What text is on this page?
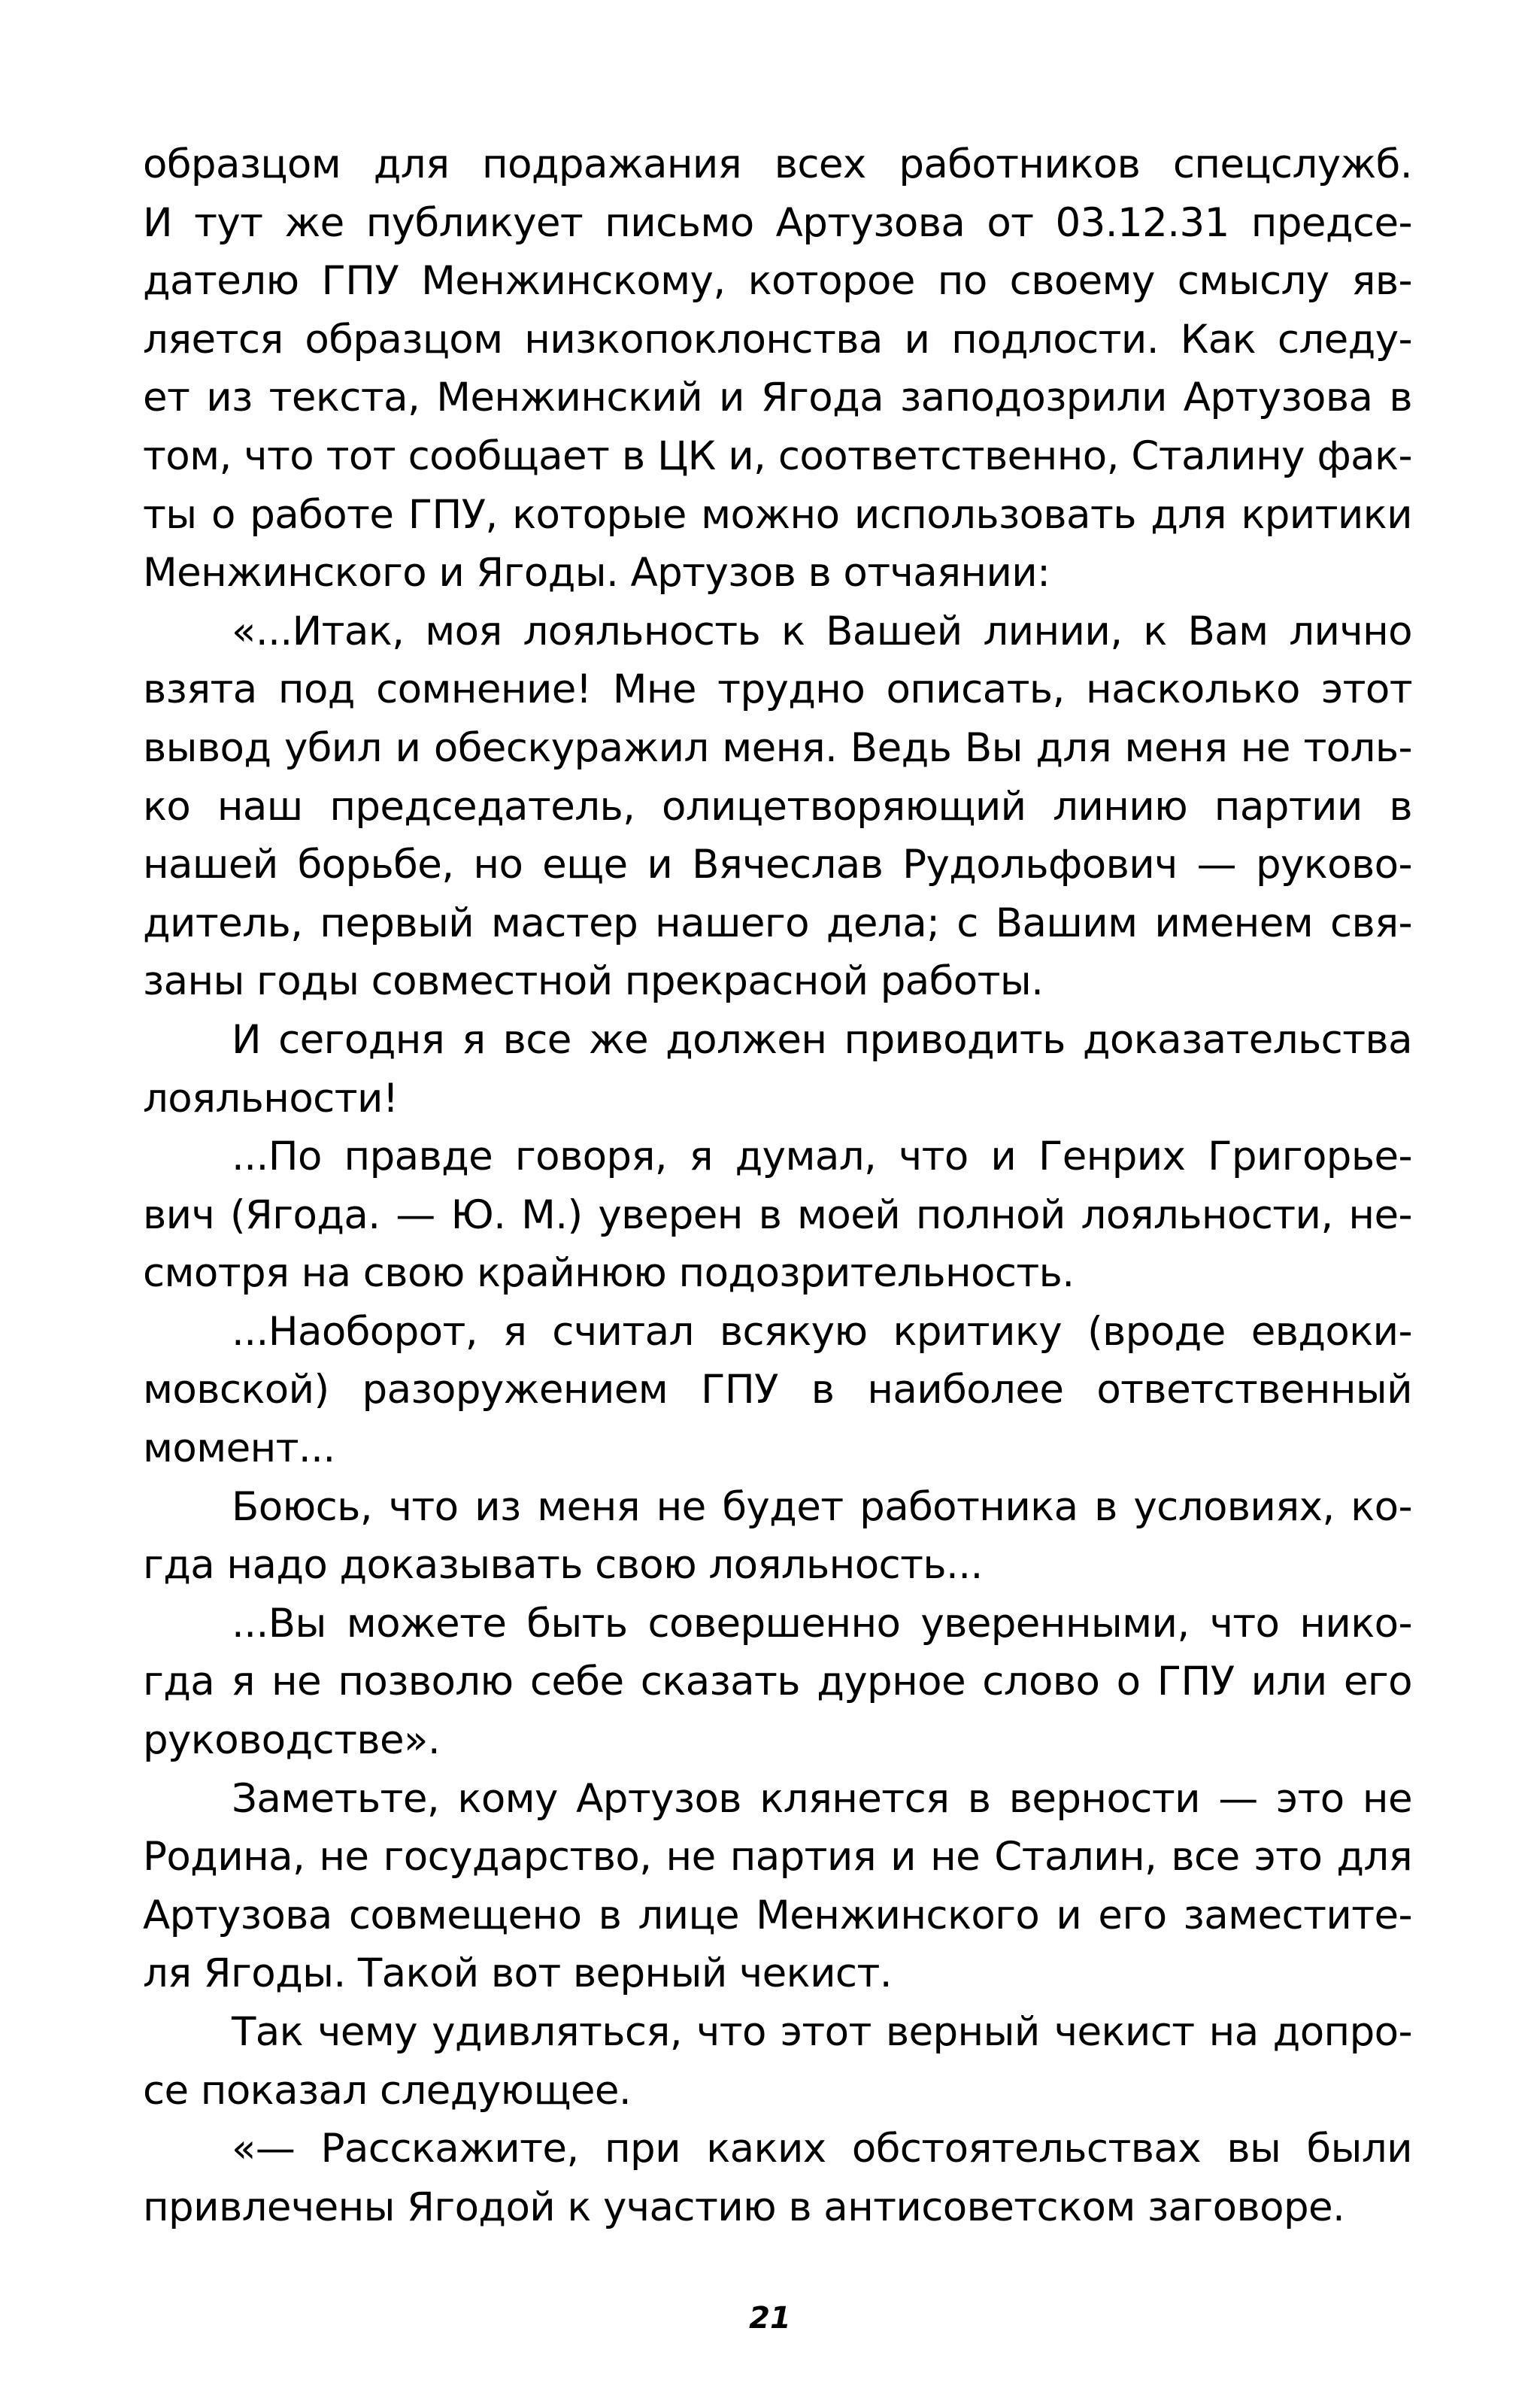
образцом для подражания всех работников спецслужб.
И тут же публикует письмо Артузова от 03.12.31 предсе-
дателю ГПУ Менжинскому, которое по своему смыслу яв-
ляется образцом низкопоклонства и подлости. Как следу-
ет из текста, Менжинский и Ягода заподозрили Артузова в
том, что тот сообщает в ЦК и, соответственно, Сталину фак-
ты о работе ГПУ, которые можно использовать для критики
Менжинского и Ягоды. Артузов в отчаянии:
«...Итак, моя лояльность к Вашей линии, к Вам лично
взята под сомнение! Мне трудно описать, насколько этот
вывод убил и обескуражил меня. Ведь Вы для меня не толь-
ко наш председатель, олицетворяющий линию партии в
нашей борьбе, но еще и Вячеслав Рудольфович — руково-
дитель, первый мастер нашего дела; с Вашим именем свя-
заны годы совместной прекрасной работы.
И сегодня я все же должен приводить доказательства
лояльности!
...По правде говоря, я думал, что и Генрих Григорье-
вич (Ягода. — Ю. М.) уверен в моей полной лояльности, не-
смотря на свою крайнюю подозрительность.
...Наоборот, я считал всякую критику (вроде евдоки-
мовской) разоружением ГПУ в наиболее ответственный
момент...
Боюсь, что из меня не будет работника в условиях, ко-
гда надо доказывать свою лояльность...
...Вы можете быть совершенно уверенными, что нико-
гда я не позволю себе сказать дурное слово о ГПУ или его
руководстве».
Заметьте, кому Артузов клянется в верности — это не
Родина, не государство, не партия и не Сталин, все это для
Артузова совмещено в лице Менжинского и его заместите-
ля Ягоды. Такой вот верный чекист.
Так чему удивляться, что этот верный чекист на допро-
се показал следующее.
«— Расскажите, при каких обстоятельствах вы были
привлечены Ягодой к участию в антисоветском заговоре.
21
